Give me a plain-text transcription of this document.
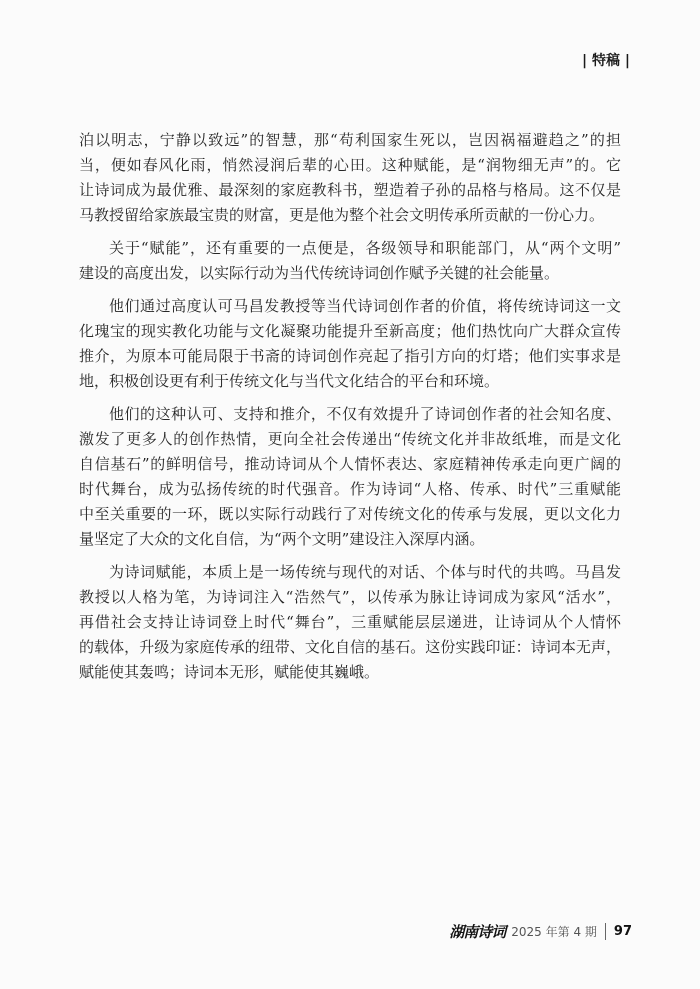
| 特稿 |
泊以明志，宁静以致远”的智慧，那“苟利国家生死以，岂因祸福避趋之”的担
当，便如春风化雨，悄然浸润后辈的心田。这种赋能，是“润物细无声”的。它
让诗词成为最优雅、最深刻的家庭教科书，塑造着子孙的品格与格局。这不仅是
马教授留给家族最宝贵的财富，更是他为整个社会文明传承所贡献的一份心力。
关于“赋能”，还有重要的一点便是，各级领导和职能部门，从“两个文明”
建设的高度出发，以实际行动为当代传统诗词创作赋予关键的社会能量。
他们通过高度认可马昌发教授等当代诗词创作者的价值，将传统诗词这一文
化瑰宝的现实教化功能与文化凝聚功能提升至新高度；他们热忱向广大群众宣传
推介，为原本可能局限于书斋的诗词创作亮起了指引方向的灯塔；他们实事求是
地，积极创设更有利于传统文化与当代文化结合的平台和环境。
他们的这种认可、支持和推介，不仅有效提升了诗词创作者的社会知名度、
激发了更多人的创作热情，更向全社会传递出“传统文化并非故纸堆，而是文化
自信基石”的鲜明信号，推动诗词从个人情怀表达、家庭精神传承走向更广阔的
时代舞台，成为弘扬传统的时代强音。作为诗词“人格、传承、时代”三重赋能
中至关重要的一环，既以实际行动践行了对传统文化的传承与发展，更以文化力
量坚定了大众的文化自信，为“两个文明”建设注入深厚内涵。
为诗词赋能，本质上是一场传统与现代的对话、个体与时代的共鸣。马昌发
教授以人格为笔，为诗词注入“浩然气”，以传承为脉让诗词成为家风“活水”，
再借社会支持让诗词登上时代“舞台”，三重赋能层层递进，让诗词从个人情怀
的载体，升级为家庭传承的纽带、文化自信的基石。这份实践印证：诗词本无声，
赋能使其轰鸣；诗词本无形，赋能使其巍峨。
湖南诗词 2025 年第 4 期 97
